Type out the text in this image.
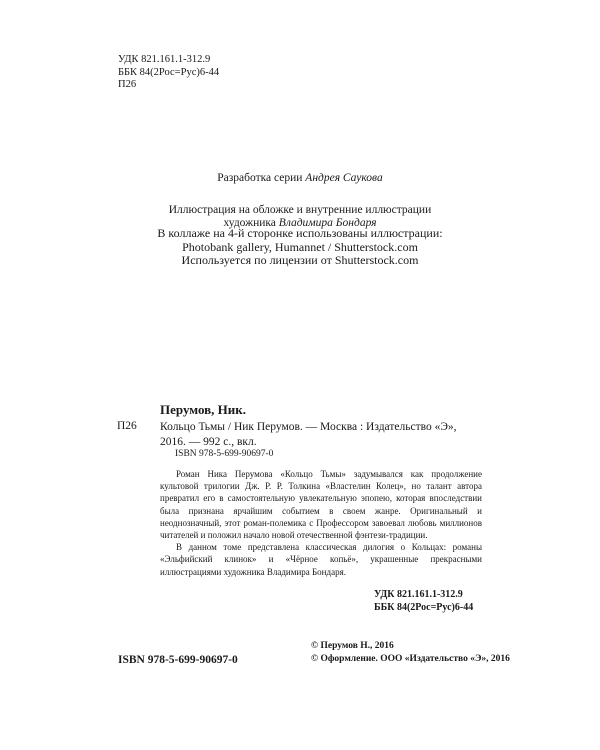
УДК 821.161.1-312.9
ББК 84(2Рос=Рус)6-44
П26
Разработка серии Андрея Саукова
Иллюстрация на обложке и внутренние иллюстрации
художника Владимира Бондаря
В коллаже на 4-й сторонке использованы иллюстрации:
Photobank gallery, Humannet / Shutterstock.com
Используется по лицензии от Shutterstock.com
Перумов, Ник.
П26 Кольцо Тьмы / Ник Перумов. — Москва : Издательство «Э»,
2016. — 992 с., вкл.
ISBN 978-5-699-90697-0

Роман Ника Перумова «Кольцо Тьмы» задумывался как продолжение культовой трилогии Дж. Р. Р. Толкина «Властелин Колец», но талант автора превратил его в самостоятельную увлекательную эпопею, которая впоследствии была признана ярчайшим событием в своем жанре. Оригинальный и неоднозначный, этот роман-полемика с Профессором завоевал любовь миллионов читателей и положил начало новой отечественной фэнтези-традиции.

В данном томе представлена классическая дилогия о Кольцах: романы «Эльфийский клинок» и «Чёрное копьё», украшенные прекрасными иллюстрациями художника Владимира Бондаря.

УДК 821.161.1-312.9
ББК 84(2Рос=Рус)6-44
ISBN 978-5-699-90697-0
© Перумов Н., 2016
© Оформление. ООО «Издательство «Э», 2016
